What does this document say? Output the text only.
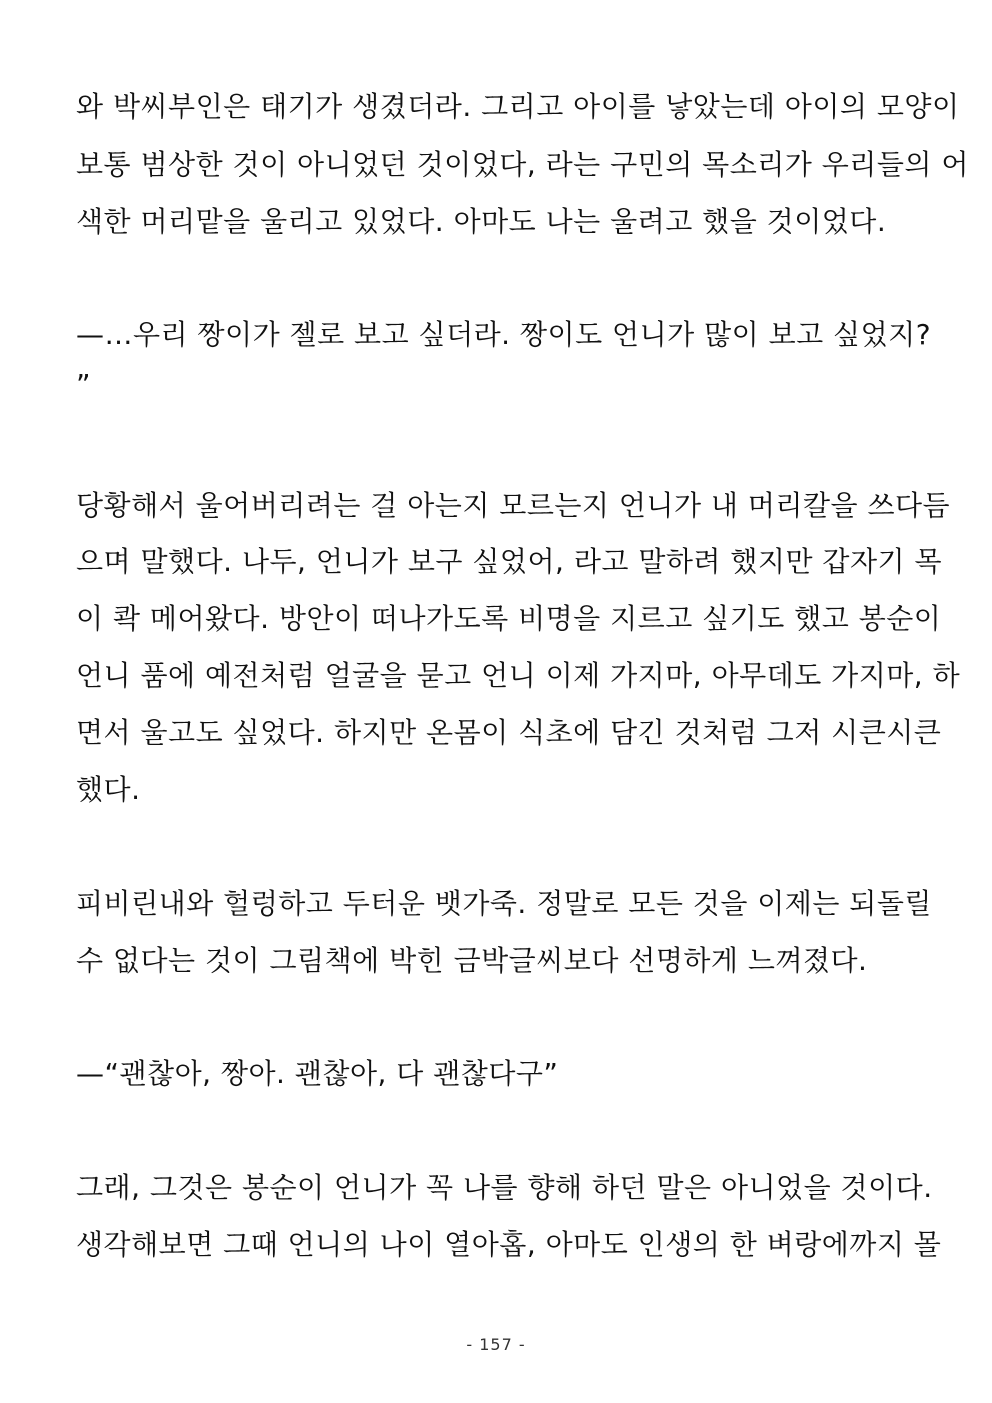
와 박씨부인은 태기가 생겼더라. 그리고 아이를 낳았는데 아이의 모양이
보통 범상한 것이 아니었던 것이었다, 라는 구민의 목소리가 우리들의 어
색한 머리맡을 울리고 있었다. 아마도 나는 울려고 했을 것이었다.
—…우리 짱이가 젤로 보고 싶더라. 짱이도 언니가 많이 보고 싶었지?
”
당황해서 울어버리려는 걸 아는지 모르는지 언니가 내 머리칼을 쓰다듬
으며 말했다. 나두, 언니가 보구 싶었어, 라고 말하려 했지만 갑자기 목
이 콱 메어왔다. 방안이 떠나가도록 비명을 지르고 싶기도 했고 봉순이
언니 품에 예전처럼 얼굴을 묻고 언니 이제 가지마, 아무데도 가지마, 하
면서 울고도 싶었다. 하지만 온몸이 식초에 담긴 것처럼 그저 시큰시큰
했다.
피비린내와 헐렁하고 두터운 뱃가죽. 정말로 모든 것을 이제는 되돌릴
수 없다는 것이 그림책에 박힌 금박글씨보다 선명하게 느껴졌다.
—“괜찮아, 짱아. 괜찮아, 다 괜찮다구”
그래, 그것은 봉순이 언니가 꼭 나를 향해 하던 말은 아니었을 것이다.
생각해보면 그때 언니의 나이 열아홉, 아마도 인생의 한 벼랑에까지 몰
- 157 -
